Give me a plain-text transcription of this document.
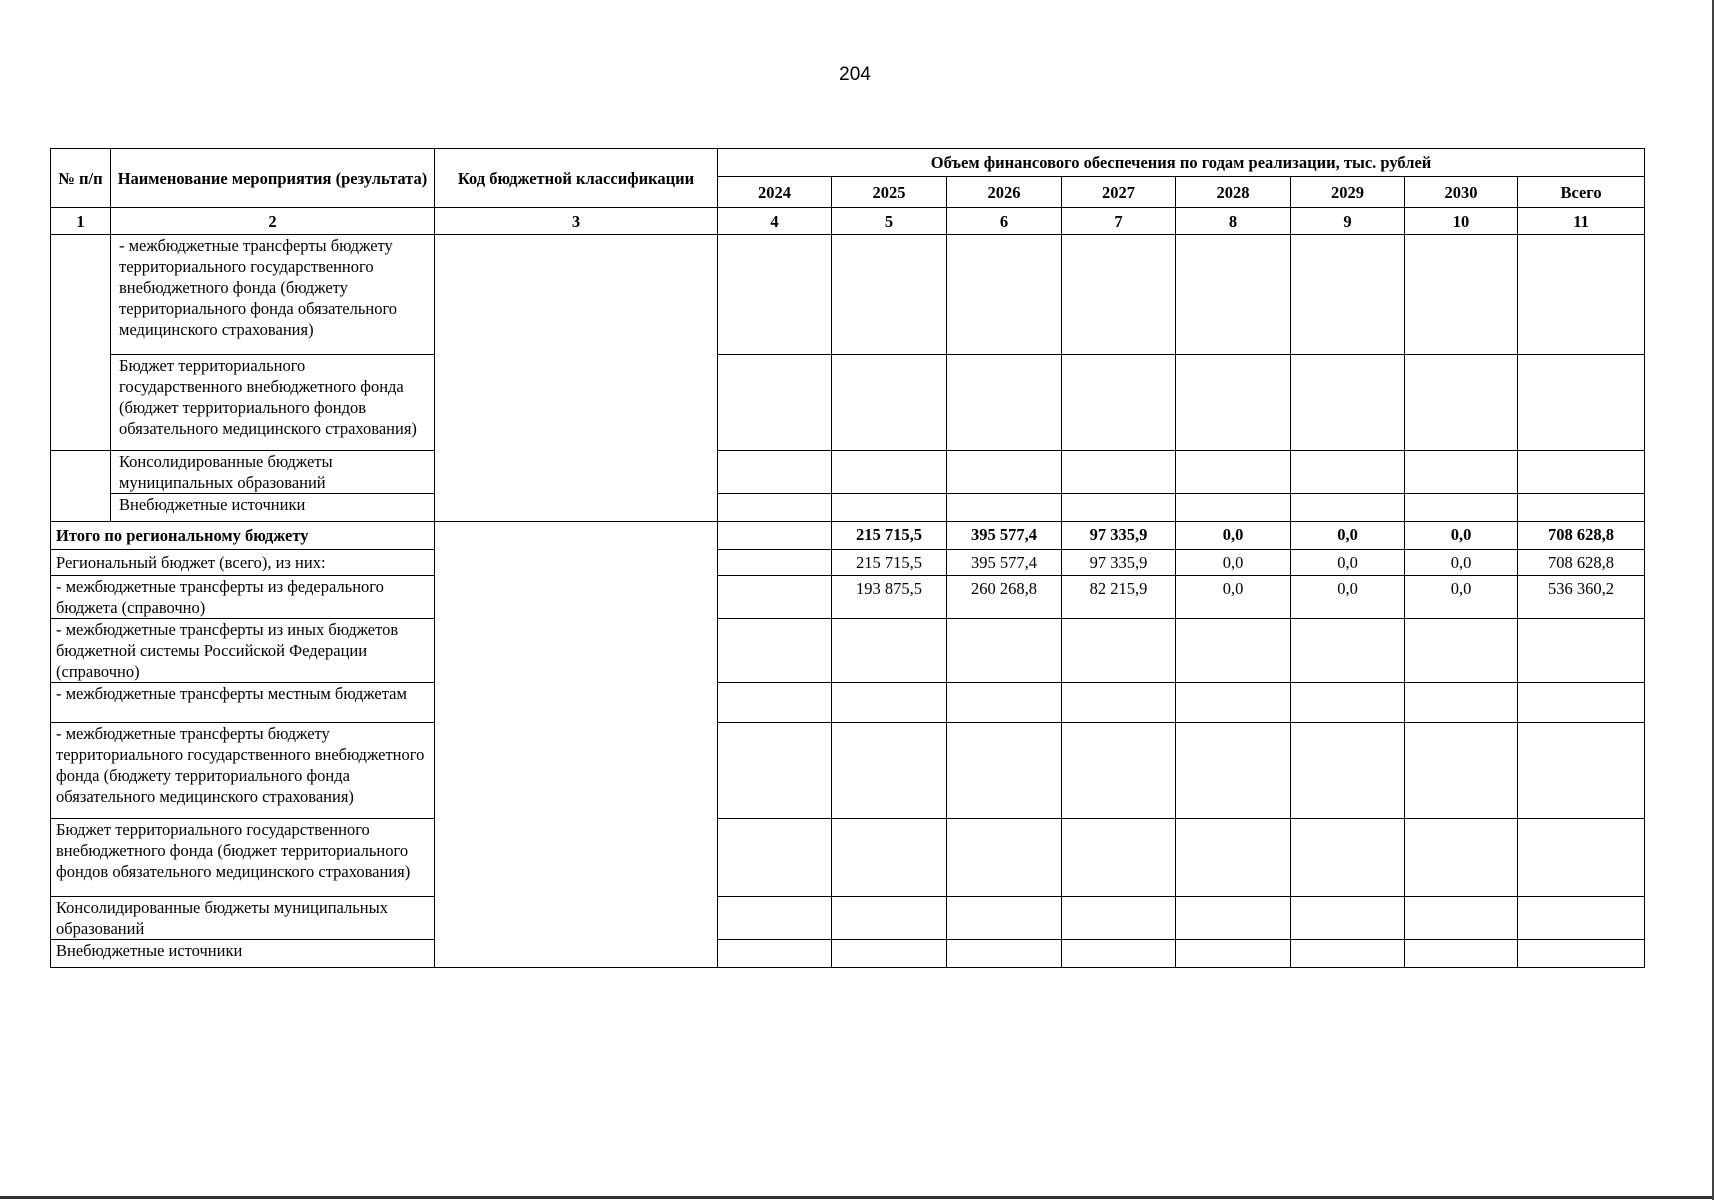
204
№ п/п	Наименование мероприятия (результата)	Код бюджетной классификации	Объем финансового обеспечения по годам реализации, тыс. рублей							
			2024	2025	2026	2027	2028	2029	2030	Всего
1	2	3	4	5	6	7	8	9	10	11
	- межбюджетные трансферты бюджету территориального государственного внебюджетного фонда (бюджету территориального фонда обязательного медицинского страхования)									
	Бюджет территориального государственного внебюджетного фонда (бюджет территориального фондов обязательного медицинского страхования)									
	Консолидированные бюджеты муниципальных образований									
	Внебюджетные источники									
Итого по региональному бюджету				215 715,5	395 577,4	97 335,9	0,0	0,0	0,0	708 628,8
Региональный бюджет (всего), из них:				215 715,5	395 577,4	97 335,9	0,0	0,0	0,0	708 628,8
- межбюджетные трансферты из федерального бюджета (справочно)				193 875,5	260 268,8	82 215,9	0,0	0,0	0,0	536 360,2
- межбюджетные трансферты из иных бюджетов бюджетной системы Российской Федерации (справочно)										
- межбюджетные трансферты местным бюджетам										
- межбюджетные трансферты бюджету территориального государственного внебюджетного фонда (бюджету территориального фонда обязательного медицинского страхования)										
Бюджет территориального государственного внебюджетного фонда (бюджет территориального фондов обязательного медицинского страхования)										
Консолидированные бюджеты муниципальных образований										
Внебюджетные источники										
